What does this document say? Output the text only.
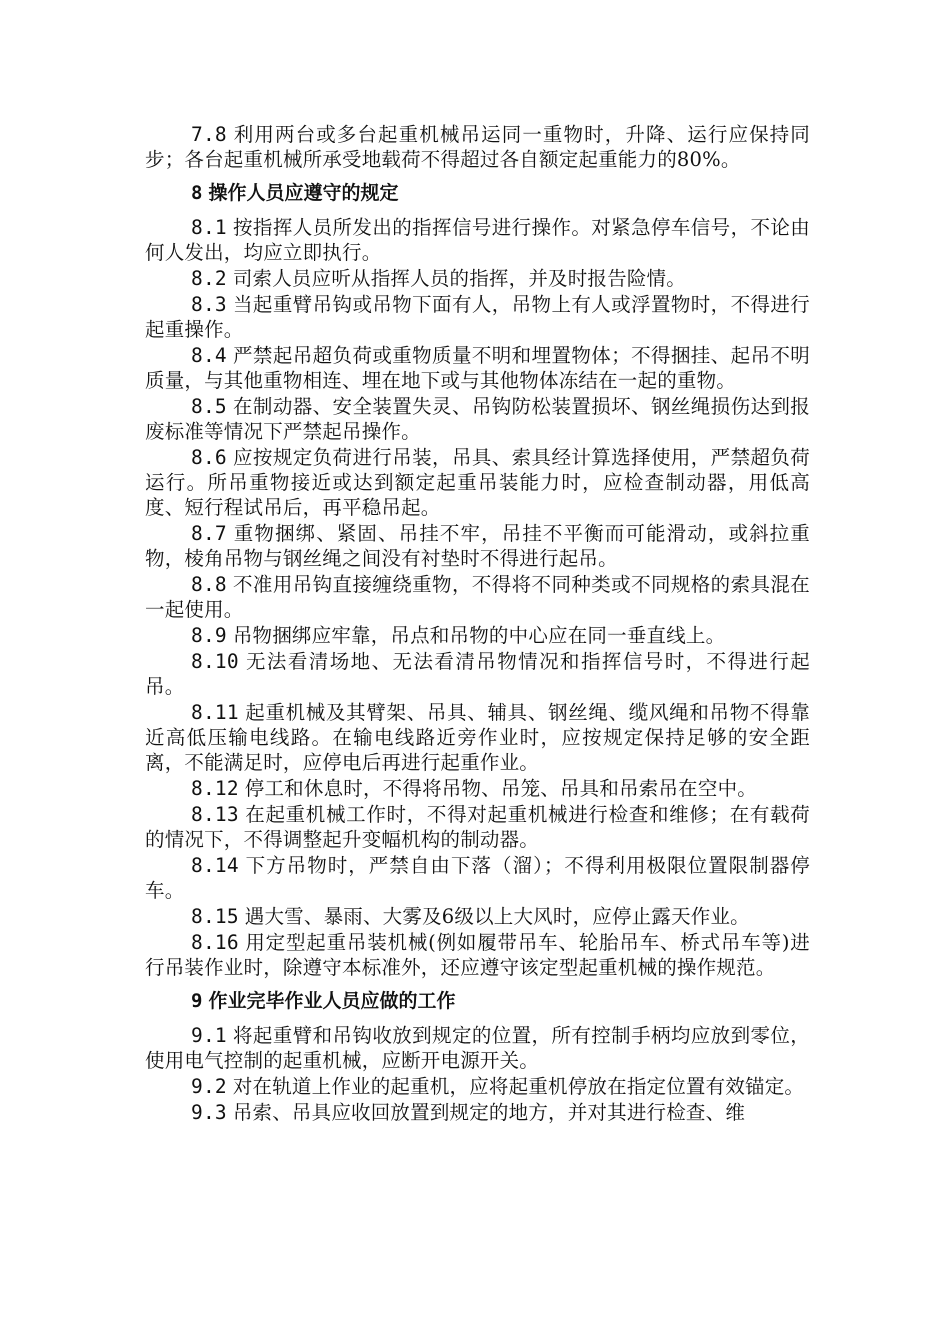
7.8 利用两台或多台起重机械吊运同一重物时，升降、运行应保持同步；各台起重机械所承受地载荷不得超过各自额定起重能力的80%。

8 操作人员应遵守的规定

8.1 按指挥人员所发出的指挥信号进行操作。对紧急停车信号，不论由何人发出，均应立即执行。

8.2 司索人员应听从指挥人员的指挥，并及时报告险情。

8.3 当起重臂吊钩或吊物下面有人，吊物上有人或浮置物时，不得进行起重操作。

8.4 严禁起吊超负荷或重物质量不明和埋置物体；不得捆挂、起吊不明质量，与其他重物相连、埋在地下或与其他物体冻结在一起的重物。

8.5 在制动器、安全装置失灵、吊钩防松装置损坏、钢丝绳损伤达到报废标准等情况下严禁起吊操作。

8.6 应按规定负荷进行吊装，吊具、索具经计算选择使用，严禁超负荷运行。所吊重物接近或达到额定起重吊装能力时，应检查制动器，用低高度、短行程试吊后，再平稳吊起。

8.7 重物捆绑、紧固、吊挂不牢，吊挂不平衡而可能滑动，或斜拉重物，棱角吊物与钢丝绳之间没有衬垫时不得进行起吊。

8.8 不准用吊钩直接缠绕重物，不得将不同种类或不同规格的索具混在一起使用。

8.9 吊物捆绑应牢靠，吊点和吊物的中心应在同一垂直线上。

8.10 无法看清场地、无法看清吊物情况和指挥信号时，不得进行起吊。

8.11 起重机械及其臂架、吊具、辅具、钢丝绳、缆风绳和吊物不得靠近高低压输电线路。在输电线路近旁作业时，应按规定保持足够的安全距离，不能满足时，应停电后再进行起重作业。

8.12 停工和休息时，不得将吊物、吊笼、吊具和吊索吊在空中。

8.13 在起重机械工作时，不得对起重机械进行检查和维修；在有载荷的情况下，不得调整起升变幅机构的制动器。

8.14 下方吊物时，严禁自由下落（溜）；不得利用极限位置限制器停车。

8.15 遇大雪、暴雨、大雾及6级以上大风时，应停止露天作业。

8.16 用定型起重吊装机械(例如履带吊车、轮胎吊车、桥式吊车等)进行吊装作业时，除遵守本标准外，还应遵守该定型起重机械的操作规范。

9 作业完毕作业人员应做的工作

9.1 将起重臂和吊钩收放到规定的位置，所有控制手柄均应放到零位，使用电气控制的起重机械，应断开电源开关。

9.2 对在轨道上作业的起重机，应将起重机停放在指定位置有效锚定。

9.3 吊索、吊具应收回放置到规定的地方，并对其进行检查、维
